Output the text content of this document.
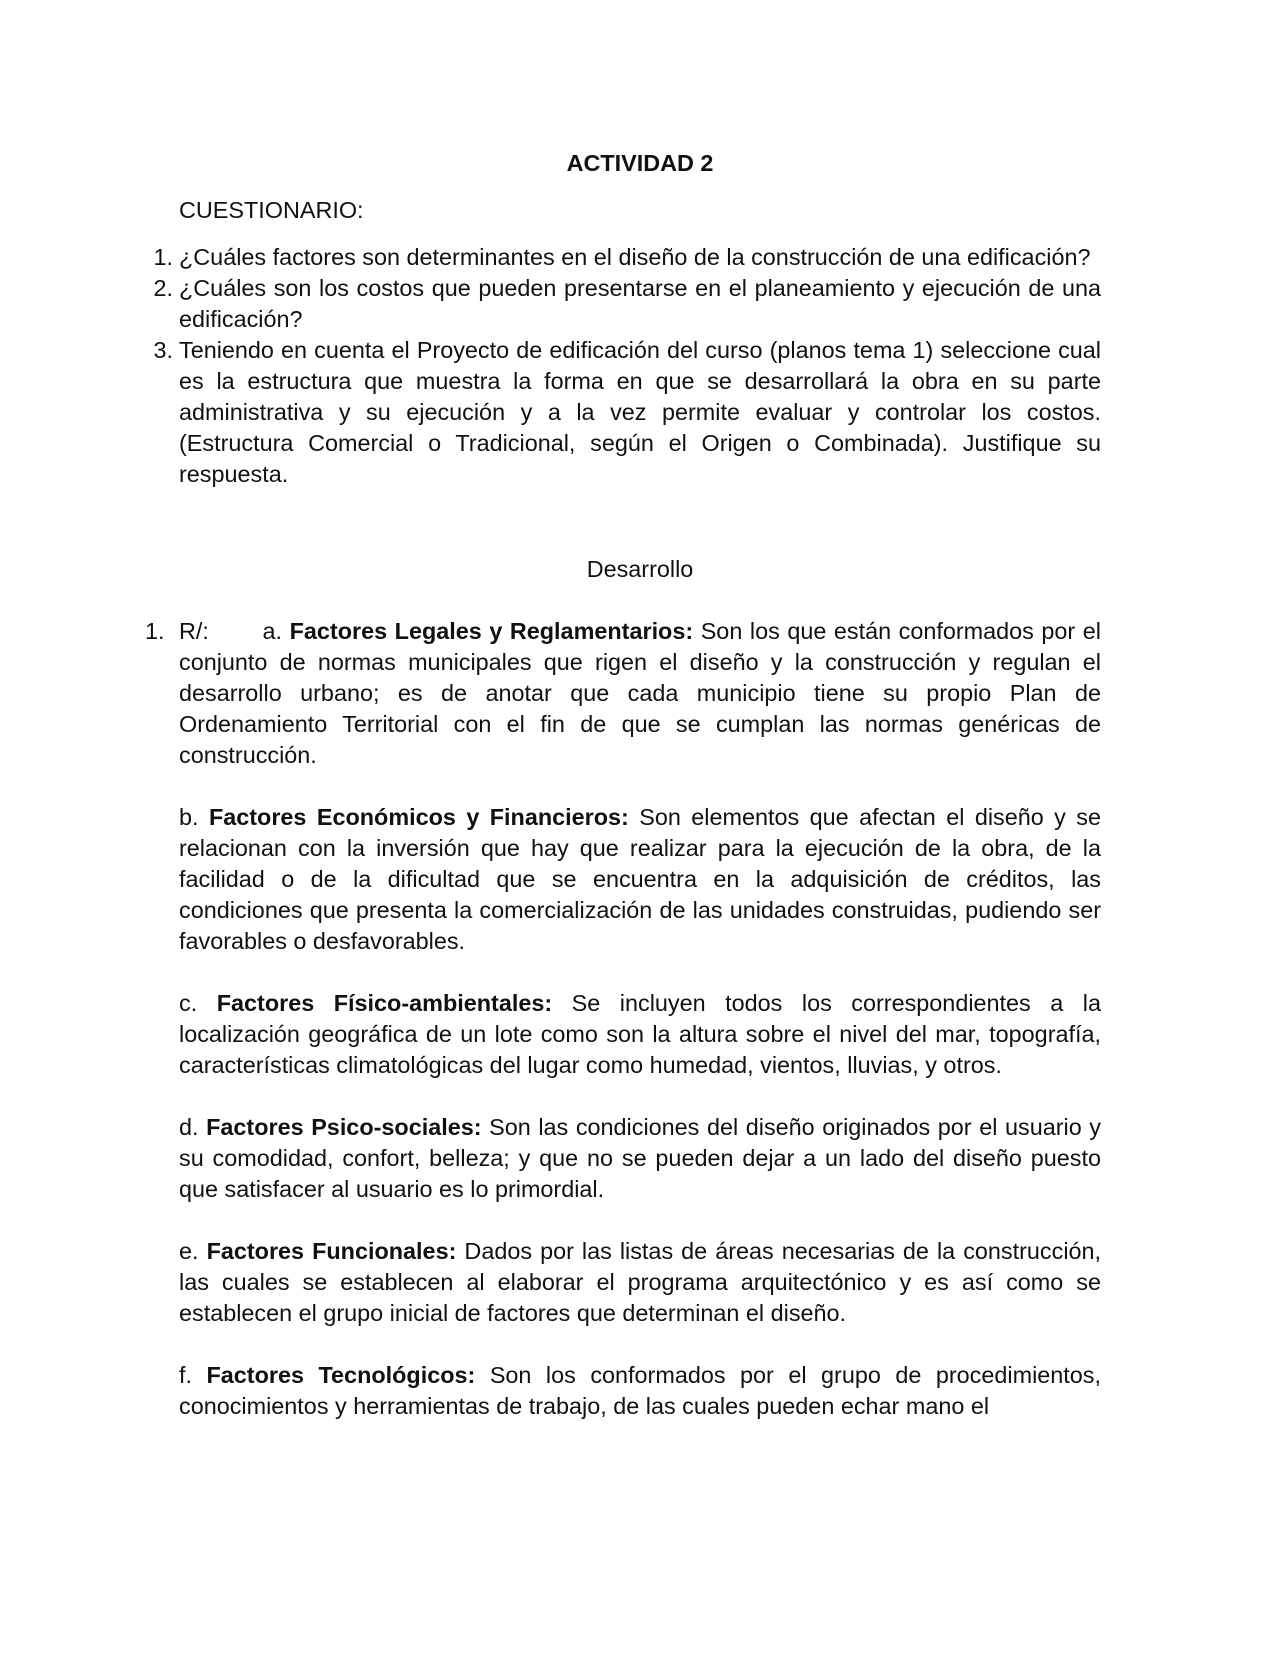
ACTIVIDAD 2
CUESTIONARIO:
1. ¿Cuáles factores son determinantes en el diseño de la construcción de una edificación?
2. ¿Cuáles son los costos que pueden presentarse en el planeamiento y ejecución de una edificación?
3. Teniendo en cuenta el Proyecto de edificación del curso (planos tema 1) seleccione cual es la estructura que muestra la forma en que se desarrollará la obra en su parte administrativa y su ejecución y a la vez permite evaluar y controlar los costos. (Estructura Comercial o Tradicional, según el Origen o Combinada). Justifique su respuesta.
Desarrollo

1. R/: a. Factores Legales y Reglamentarios: Son los que están conformados por el conjunto de normas municipales que rigen el diseño y la construcción y regulan el desarrollo urbano; es de anotar que cada municipio tiene su propio Plan de Ordenamiento Territorial con el fin de que se cumplan las normas genéricas de construcción.

b. Factores Económicos y Financieros: Son elementos que afectan el diseño y se relacionan con la inversión que hay que realizar para la ejecución de la obra, de la facilidad o de la dificultad que se encuentra en la adquisición de créditos, las condiciones que presenta la comercialización de las unidades construidas, pudiendo ser favorables o desfavorables.

c. Factores Físico-ambientales: Se incluyen todos los correspondientes a la localización geográfica de un lote como son la altura sobre el nivel del mar, topografía, características climatológicas del lugar como humedad, vientos, lluvias, y otros.

d. Factores Psico-sociales: Son las condiciones del diseño originados por el usuario y su comodidad, confort, belleza; y que no se pueden dejar a un lado del diseño puesto que satisfacer al usuario es lo primordial.

e. Factores Funcionales: Dados por las listas de áreas necesarias de la construcción, las cuales se establecen al elaborar el programa arquitectónico y es así como se establecen el grupo inicial de factores que determinan el diseño.

f. Factores Tecnológicos: Son los conformados por el grupo de procedimientos, conocimientos y herramientas de trabajo, de las cuales pueden echar mano el
